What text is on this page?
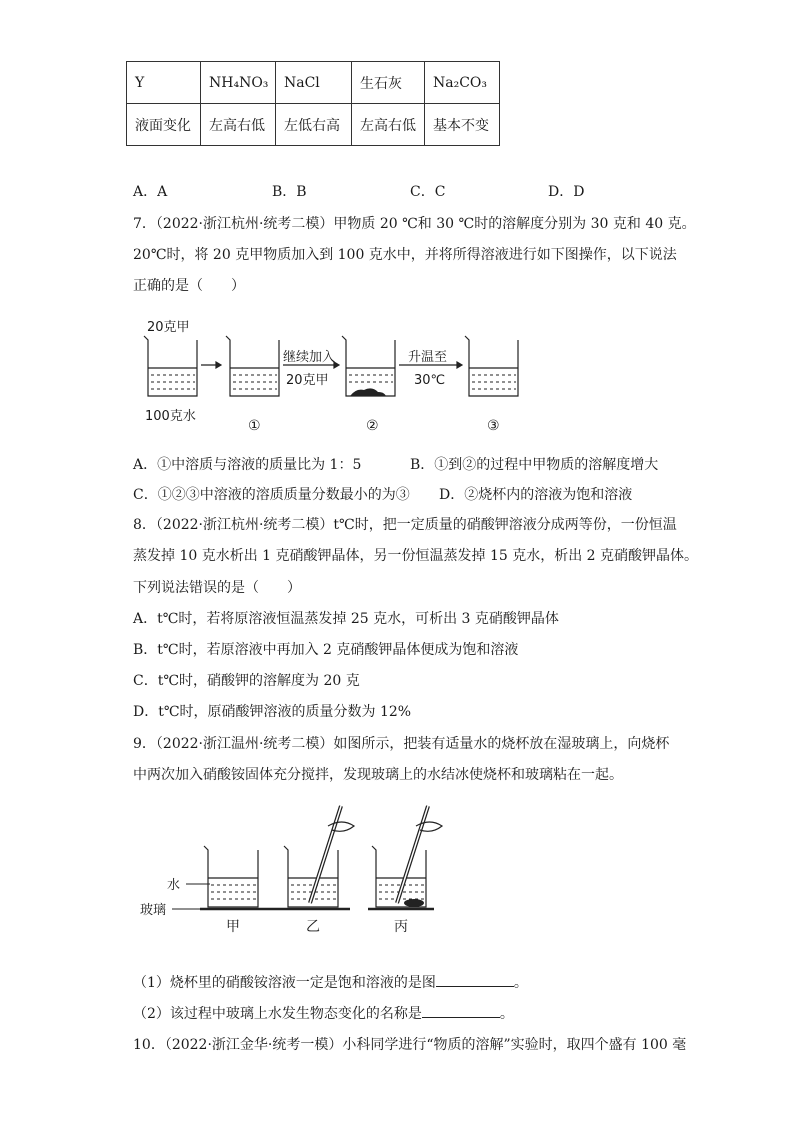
Y	NH₄NO₃	NaCl	生石灰	Na₂CO₃
液面变化	左高右低	左低右高	左高右低	基本不变
A．A	B．B	C．C	D．D
7．（2022·浙江杭州·统考二模）甲物质 20 ℃和 30 ℃时的溶解度分别为 30 克和 40 克。
20℃时，将 20 克甲物质加入到 100 克水中，并将所得溶液进行如下图操作，以下说法
正确的是（　　）
20克甲
100克水
继续加入
20克甲
升温至
30℃
①	②	③
水
玻璃
甲	乙	丙
A．①中溶质与溶液的质量比为 1：5	B．①到②的过程中甲物质的溶解度增大
C．①②③中溶液的溶质质量分数最小的为③ D．②烧杯内的溶液为饱和溶液
8．（2022·浙江杭州·统考二模）t℃时，把一定质量的硝酸钾溶液分成两等份，一份恒温
蒸发掉 10 克水析出 1 克硝酸钾晶体，另一份恒温蒸发掉 15 克水，析出 2 克硝酸钾晶体。
下列说法错误的是（　　）
A．t℃时，若将原溶液恒温蒸发掉 25 克水，可析出 3 克硝酸钾晶体
B．t℃时，若原溶液中再加入 2 克硝酸钾晶体便成为饱和溶液
C．t℃时，硝酸钾的溶解度为 20 克
D．t℃时，原硝酸钾溶液的质量分数为 12%
9．（2022·浙江温州·统考二模）如图所示，把装有适量水的烧杯放在湿玻璃上，向烧杯
中两次加入硝酸铵固体充分搅拌，发现玻璃上的水结冰使烧杯和玻璃粘在一起。
（1）烧杯里的硝酸铵溶液一定是饱和溶液的是图	。
（2）该过程中玻璃上水发生物态变化的名称是	。
10．（2022·浙江金华·统考一模）小科同学进行“物质的溶解”实验时，取四个盛有 100 毫
